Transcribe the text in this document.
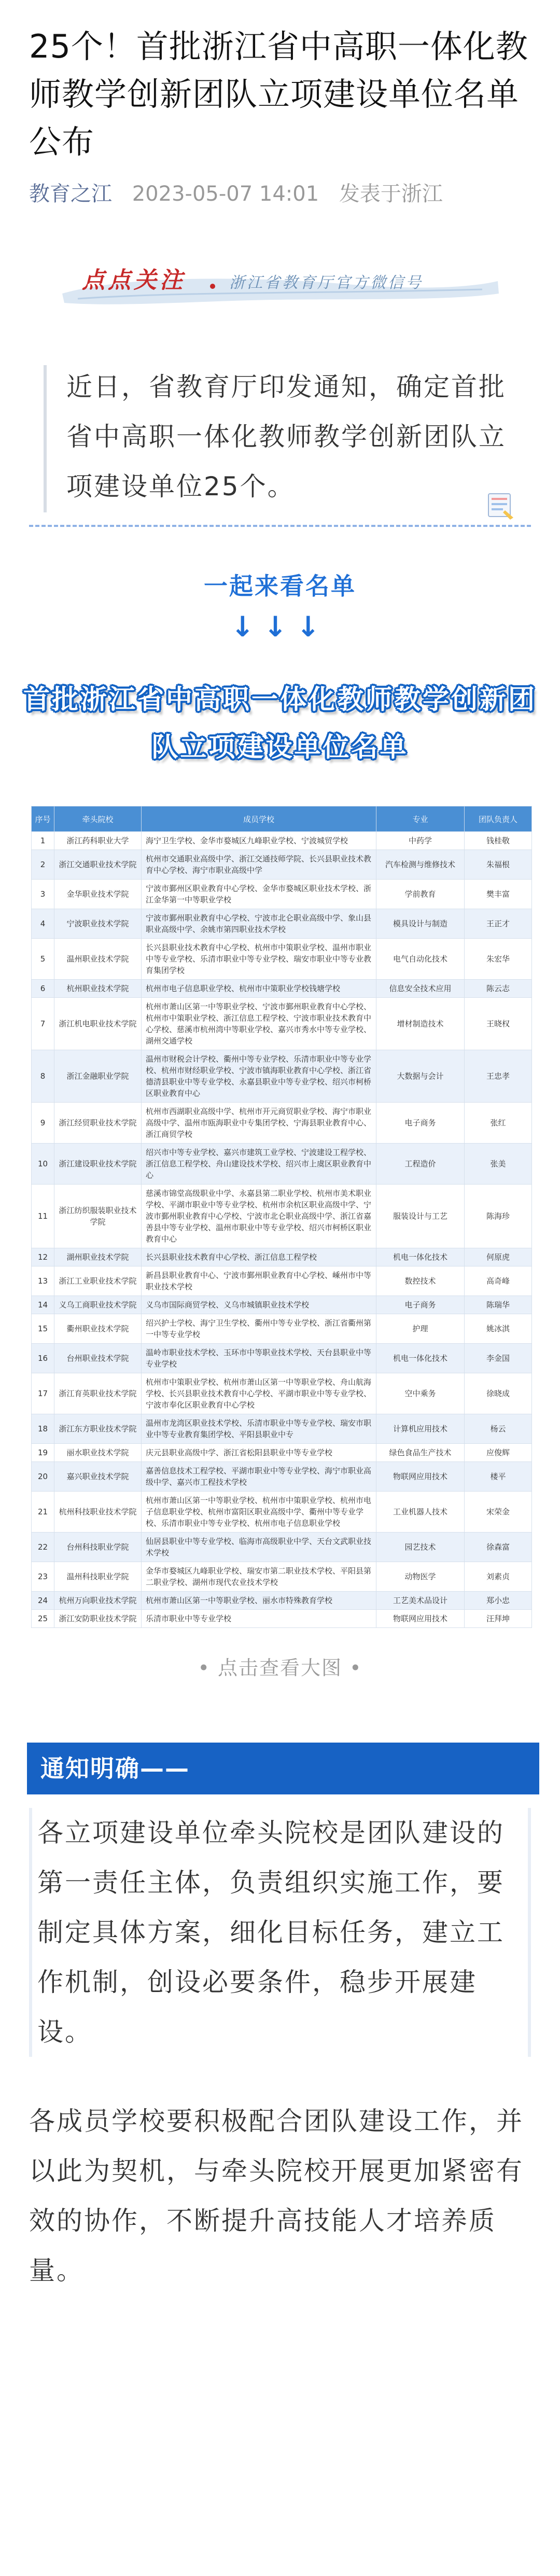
25个！首批浙江省中高职一体化教师教学创新团队立项建设单位名单公布
教育之江 2023-05-07 14:01 发表于浙江
点点关注	浙江省教育厅官方微信号
近日，省教育厅印发通知，确定首批省中高职一体化教师教学创新团队立项建设单位25个。
一起来看名单
↓↓↓
首批浙江省中高职一体化教师教学创新团队立项建设单位名单
序号	牵头院校	成员学校	专业	团队负责人
1	浙江药科职业大学	海宁卫生学校、金华市婺城区九峰职业学校、宁波城贸学校	中药学	钱桂敬
2	浙江交通职业技术学院	杭州市交通职业高级中学、浙江交通技师学院、长兴县职业技术教育中心学校、海宁市职业高级中学	汽车检测与维修技术	朱福根
3	金华职业技术学院	宁波市鄞州区职业教育中心学校、金华市婺城区职业技术学校、浙江金华第一中等职业学校	学前教育	樊丰富
4	宁波职业技术学院	宁波市鄞州职业教育中心学校、宁波市北仑职业高级中学、象山县职业高级中学、余姚市第四职业技术学校	模具设计与制造	王正才
5	温州职业技术学院	长兴县职业技术教育中心学校、杭州市中策职业学校、温州市职业中等专业学校、乐清市职业中等专业学校、瑞安市职业中等专业教育集团学校	电气自动化技术	朱宏华
6	杭州职业技术学院	杭州市电子信息职业学校、杭州市中策职业学校钱塘学校	信息安全技术应用	陈云志
7	浙江机电职业技术学院	杭州市萧山区第一中等职业学校、宁波市鄞州职业教育中心学校、杭州市中策职业学校、浙江信息工程学校、宁波市职业技术教育中心学校、慈溪市杭州湾中等职业学校、嘉兴市秀水中等专业学校、湖州交通学校	增材制造技术	王晓权
8	浙江金融职业学院	温州市财税会计学校、衢州中等专业学校、乐清市职业中等专业学校、杭州市财经职业学校、宁波市镇海职业教育中心学校、浙江省德清县职业中等专业学校、永嘉县职业中等专业学校、绍兴市柯桥区职业教育中心	大数据与会计	王忠孝
9	浙江经贸职业技术学院	杭州市西湖职业高级中学、杭州市开元商贸职业学校、海宁市职业高级中学、温州市瓯海职业中专集团学校、宁海县职业教育中心、浙江商贸学校	电子商务	张红
10	浙江建设职业技术学院	绍兴市中等专业学校、嘉兴市建筑工业学校、宁波建设工程学校、浙江信息工程学校、舟山建设技术学校、绍兴市上虞区职业教育中心	工程造价	张美
11	浙江纺织服装职业技术学院	慈溪市锦堂高级职业中学、永嘉县第二职业学校、杭州市美术职业学校、平湖市职业中等专业学校、杭州市余杭区职业高级中学、宁波市鄞州职业教育中心学校、宁波市北仑职业高级中学、浙江省嘉善县中等专业学校、温州市职业中等专业学校、绍兴市柯桥区职业教育中心	服装设计与工艺	陈海珍
12	湖州职业技术学院	长兴县职业技术教育中心学校、浙江信息工程学校	机电一体化技术	何原虎
13	浙江工业职业技术学院	新昌县职业教育中心、宁波市鄞州职业教育中心学校、嵊州市中等职业技术学校	数控技术	高奇峰
14	义乌工商职业技术学院	义乌市国际商贸学校、义乌市城镇职业技术学校	电子商务	陈瑞华
15	衢州职业技术学院	绍兴护士学校、海宁卫生学校、衢州中等专业学校、浙江省衢州第一中等专业学校	护理	姚冰淇
16	台州职业技术学院	温岭市职业技术学校、玉环市中等职业技术学校、天台县职业中等专业学校	机电一体化技术	李金国
17	浙江育英职业技术学院	杭州市中策职业学校、杭州市萧山区第一中等职业学校、舟山航海学校、长兴县职业技术教育中心学校、平湖市职业中等专业学校、宁波市奉化区职业教育中心学校	空中乘务	徐晓成
18	浙江东方职业技术学院	温州市龙湾区职业技术学校、乐清市职业中等专业学校、瑞安市职业中等专业教育集团学校、平阳县职业中专	计算机应用技术	杨云
19	丽水职业技术学院	庆元县职业高级中学、浙江省松阳县职业中等专业学校	绿色食品生产技术	应俊辉
20	嘉兴职业技术学院	嘉善信息技术工程学校、平湖市职业中等专业学校、海宁市职业高级中学、嘉兴市工程技术学校	物联网应用技术	楼平
21	杭州科技职业技术学院	杭州市萧山区第一中等职业学校、杭州市中策职业学校、杭州市电子信息职业学校、杭州市富阳区职业高级中学、衢州中等专业学校、乐清市职业中等专业学校、杭州市电子信息职业学校	工业机器人技术	宋荣金
22	台州科技职业学院	仙居县职业中等专业学校、临海市高级职业中学、天台文武职业技术学校	园艺技术	徐森富
23	温州科技职业学院	金华市婺城区九峰职业学校、瑞安市第二职业技术学校、平阳县第二职业学校、湖州市现代农业技术学校	动物医学	刘素贞
24	杭州万向职业技术学院	杭州市萧山区第一中等职业学校、丽水市特殊教育学校	工艺美术品设计	郑小忠
25	浙江安防职业技术学院	乐清市职业中等专业学校	物联网应用技术	汪拜坤
• 点击查看大图 •
通知明确——

各立项建设单位牵头院校是团队建设的第一责任主体，负责组织实施工作，要制定具体方案，细化目标任务，建立工作机制，创设必要条件，稳步开展建设。

各成员学校要积极配合团队建设工作，并以此为契机，与牵头院校开展更加紧密有效的协作，不断提升高技能人才培养质量。
